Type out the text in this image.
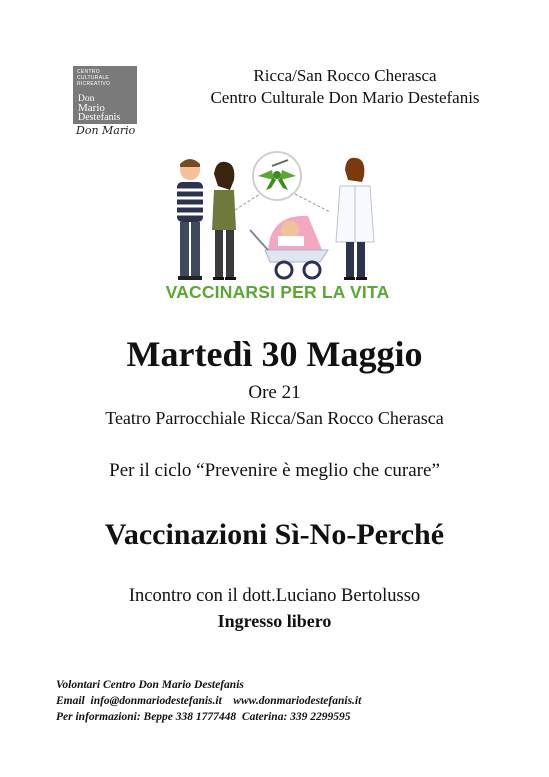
CENTRO
CULTURALE
RICREATIVO
Don
Mario
Destefanis
Don Mario
Ricca/San Rocco Cherasca
Centro Culturale Don Mario Destefanis
VACCINARSI PER LA VITA
Martedì 30 Maggio
Ore 21
Teatro Parrocchiale Ricca/San Rocco Cherasca
Per il ciclo “Prevenire è meglio che curare”
Vaccinazioni Sì-No-Perché
Incontro con il dott.Luciano Bertolusso
Ingresso libero
Volontari Centro Don Mario Destefanis
Email  info@donmariodestefanis.it    www.donmariodestefanis.it
Per informazioni: Beppe 338 1777448  Caterina: 339 2299595
